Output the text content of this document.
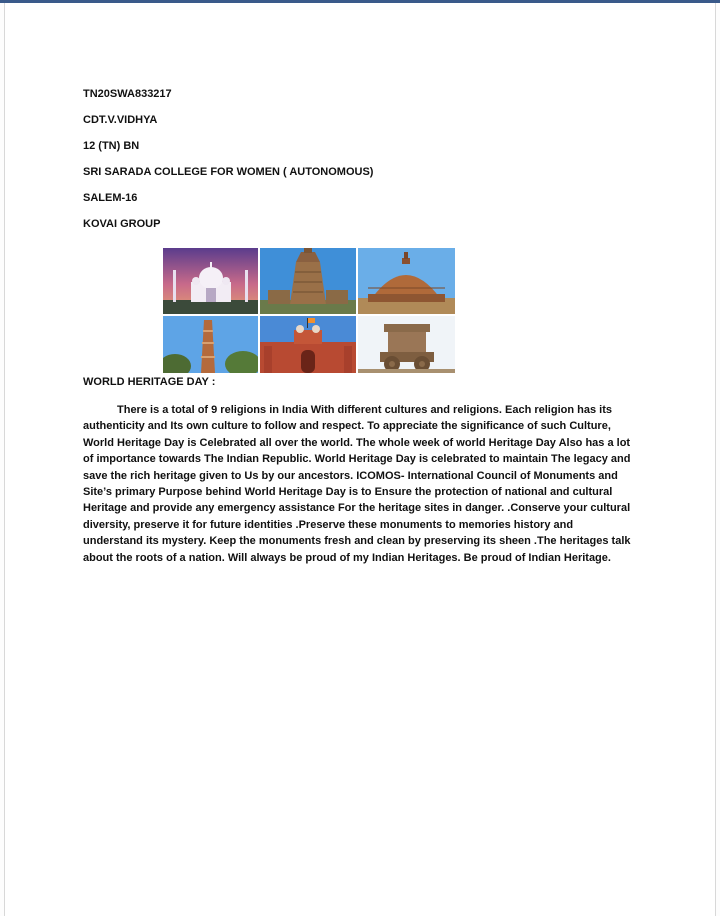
TN20SWA833217

CDT.V.VIDHYA

12 (TN) BN

SRI SARADA COLLEGE FOR WOMEN ( AUTONOMOUS)

SALEM-16

KOVAI GROUP

WORLD HERITAGE DAY :

There is a total of 9 religions in India With different cultures and religions. Each religion has its authenticity and Its own culture to follow and respect. To appreciate the significance of such Culture, World Heritage Day is Celebrated all over the world. The whole week of world Heritage Day Also has a lot of importance towards The Indian Republic. World Heritage Day is celebrated to maintain The legacy and save the rich heritage given to Us by our ancestors. ICOMOS- International Council of Monuments and Site’s primary Purpose behind World Heritage Day is to Ensure the protection of national and cultural Heritage and provide any emergency assistance For the heritage sites in danger. .Conserve your cultural diversity, preserve it for future identities .Preserve these monuments to memories history and understand its mystery. Keep the monuments fresh and clean by preserving its sheen .The heritages talk about the roots of a nation. Will always be proud of my Indian Heritages. Be proud of Indian Heritage.
